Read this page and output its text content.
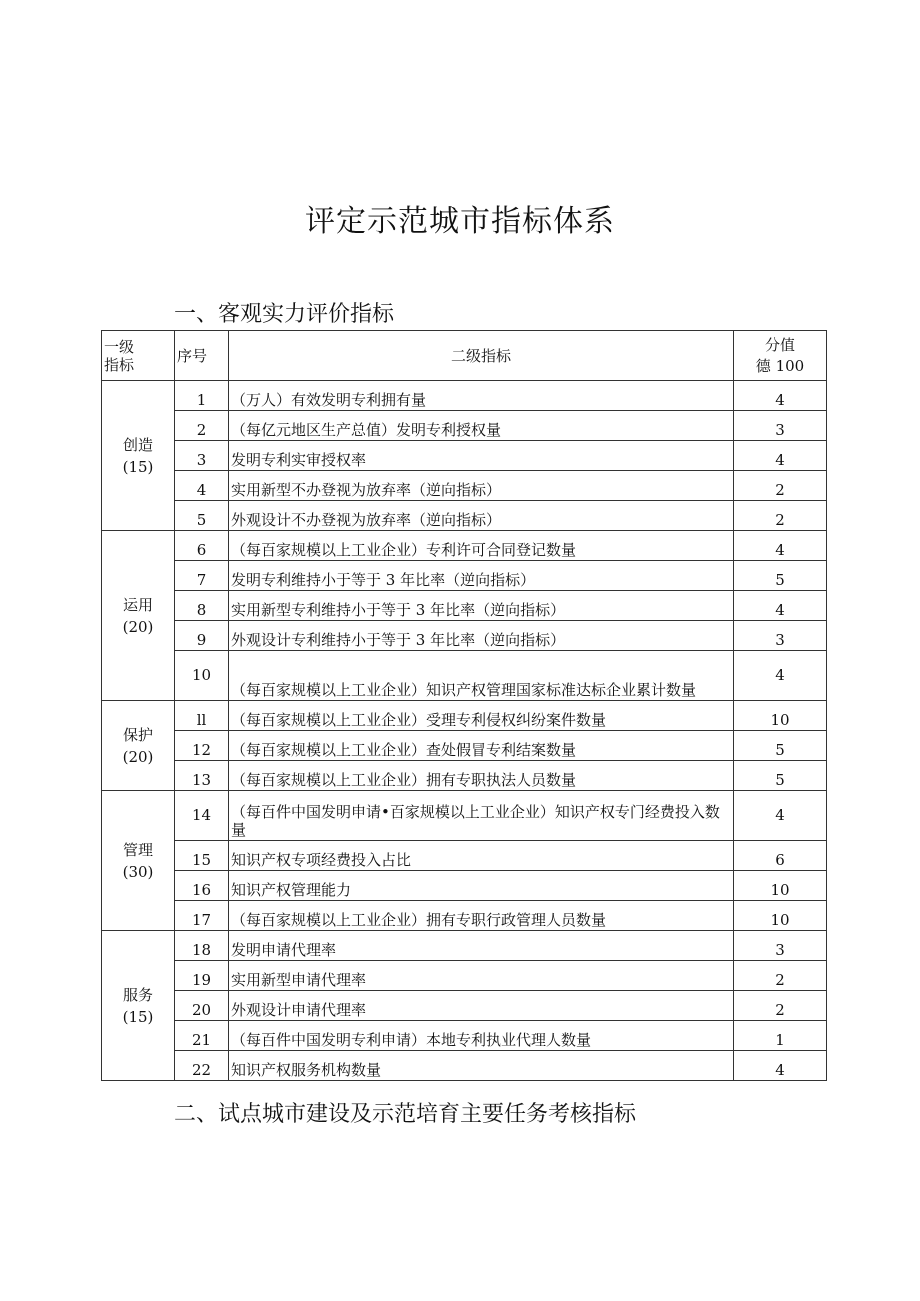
评定示范城市指标体系
一、客观实力评价指标
一级
指标	序号	二级指标	分值
德 100

创造
(15)	1	（万人）有效发明专利拥有量	4
	2	（每亿元地区生产总值）发明专利授权量	3
	3	发明专利实审授权率	4
	4	实用新型不办登视为放弃率（逆向指标）	2
	5	外观设计不办登视为放弃率（逆向指标）	2

运用
(20)	6	（每百家规模以上工业企业）专利许可合同登记数量	4
	7	发明专利维持小于等于 3 年比率（逆向指标）	5
	8	实用新型专利维持小于等于 3 年比率（逆向指标）	4
	9	外观设计专利维持小于等于 3 年比率（逆向指标）	3
	10	（每百家规模以上工业企业）知识产权管理国家标准达标企业累计数量	4

保护
(20)	ll	（每百家规模以上工业企业）受理专利侵权纠纷案件数量	10
	12	（每百家规模以上工业企业）查处假冒专利结案数量	5
	13	（每百家规模以上工业企业）拥有专职执法人员数量	5

管理
(30)	14	（每百件中国发明申请•百家规模以上工业企业）知识产权专门经费投入数量	4
	15	知识产权专项经费投入占比	6
	16	知识产权管理能力	10
	17	（每百家规模以上工业企业）拥有专职行政管理人员数量	10

服务
(15)	18	发明申请代理率	3
	19	实用新型申请代理率	2
	20	外观设计申请代理率	2
	21	（每百件中国发明专利申请）本地专利执业代理人数量	1
	22	知识产权服务机构数量	4
二、试点城市建设及示范培育主要任务考核指标
